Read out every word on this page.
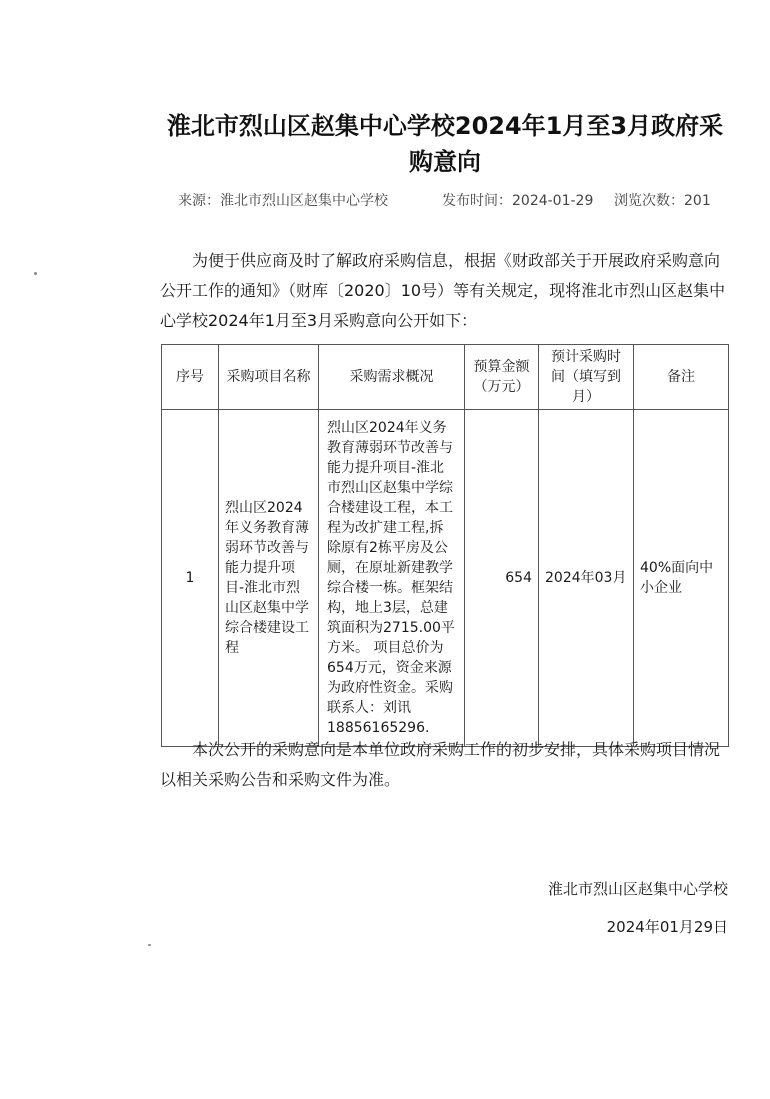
淮北市烈山区赵集中心学校2024年1月至3月政府采购意向
来源：淮北市烈山区赵集中心学校	发布时间：2024-01-29 浏览次数：201

为便于供应商及时了解政府采购信息，根据《财政部关于开展政府采购意向公开工作的通知》（财库〔2020〕10号）等有关规定，现将淮北市烈山区赵集中心学校2024年1月至3月采购意向公开如下：

序号	采购项目名称	采购需求概况	预算金额（万元）	预计采购时间（填写到月）	备注
1	烈山区2024年义务教育薄弱环节改善与能力提升项目-淮北市烈山区赵集中学综合楼建设工程	烈山区2024年义务教育薄弱环节改善与能力提升项目-淮北市烈山区赵集中学综合楼建设工程，本工程为改扩建工程,拆除原有2栋平房及公厕，在原址新建教学综合楼一栋。框架结构，地上3层，总建筑面积为2715.00平方米。 项目总价为654万元，资金来源为政府性资金。采购联系人：刘讯 18856165296.	654	2024年03月	40%面向中小企业

本次公开的采购意向是本单位政府采购工作的初步安排，具体采购项目情况以相关采购公告和采购文件为准。

淮北市烈山区赵集中心学校
2024年01月29日
